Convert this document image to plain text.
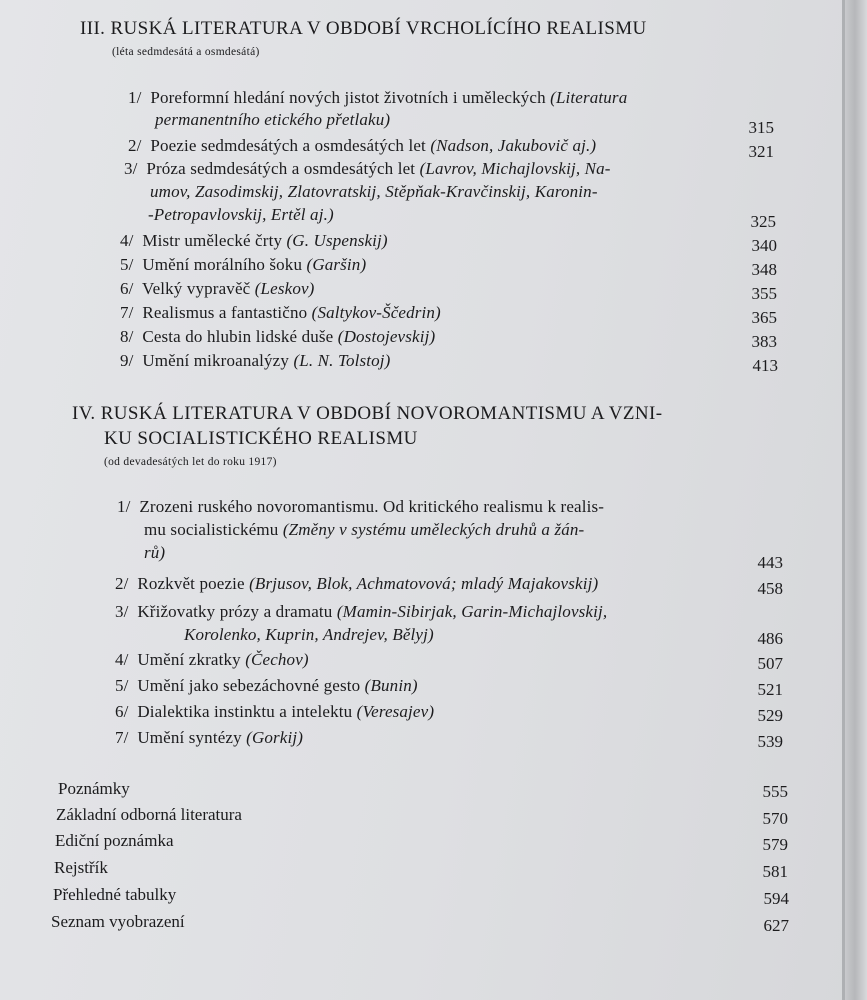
III. RUSKÁ LITERATURA V OBDOBÍ VRCHOLÍCÍHO REALISMU
(léta sedmdesátá a osmdesátá)
1/ Poreformní hledání nových jistot životních i uměleckých (Literatura
permanentního etického přetlaku)	315
2/ Poezie sedmdesátých a osmdesátých let (Nadson, Jakubovič aj.)	321
3/ Próza sedmdesátých a osmdesátých let (Lavrov, Michajlovskij, Na-
umov, Zasodimskij, Zlatovratskij, Stěpňak-Kravčinskij, Karonin-
-Petropavlovskij, Ertěl aj.)	325
4/ Mistr umělecké črty (G. Uspenskij)	340
5/ Umění morálního šoku (Garšin)	348
6/ Velký vypravěč (Leskov)	355
7/ Realismus a fantastično (Saltykov-Ščedrin)	365
8/ Cesta do hlubin lidské duše (Dostojevskij)	383
9/ Umění mikroanalýzy (L. N. Tolstoj)	413
IV. RUSKÁ LITERATURA V OBDOBÍ NOVOROMANTISMU A VZNI-
KU SOCIALISTICKÉHO REALISMU
(od devadesátých let do roku 1917)
1/ Zrozeni ruského novoromantismu. Od kritického realismu k realis-
mu socialistickému (Změny v systému uměleckých druhů a žán-
rů)
443
2/ Rozkvět poezie (Brjusov, Blok, Achmatovová; mladý Majakovskij)	458
3/ Křižovatky prózy a dramatu (Mamin-Sibirjak, Garin-Michajlovskij,
Korolenko, Kuprin, Andrejev, Bělyj)	486
4/ Umění zkratky (Čechov)	507
5/ Umění jako sebezáchovné gesto (Bunin)	521
6/ Dialektika instinktu a intelektu (Veresajev)	529
7/ Umění syntézy (Gorkij)	539
Poznámky	555
Základní odborná literatura	570
Ediční poznámka	579
Rejstřík	581
Přehledné tabulky	594
Seznam vyobrazení	627
